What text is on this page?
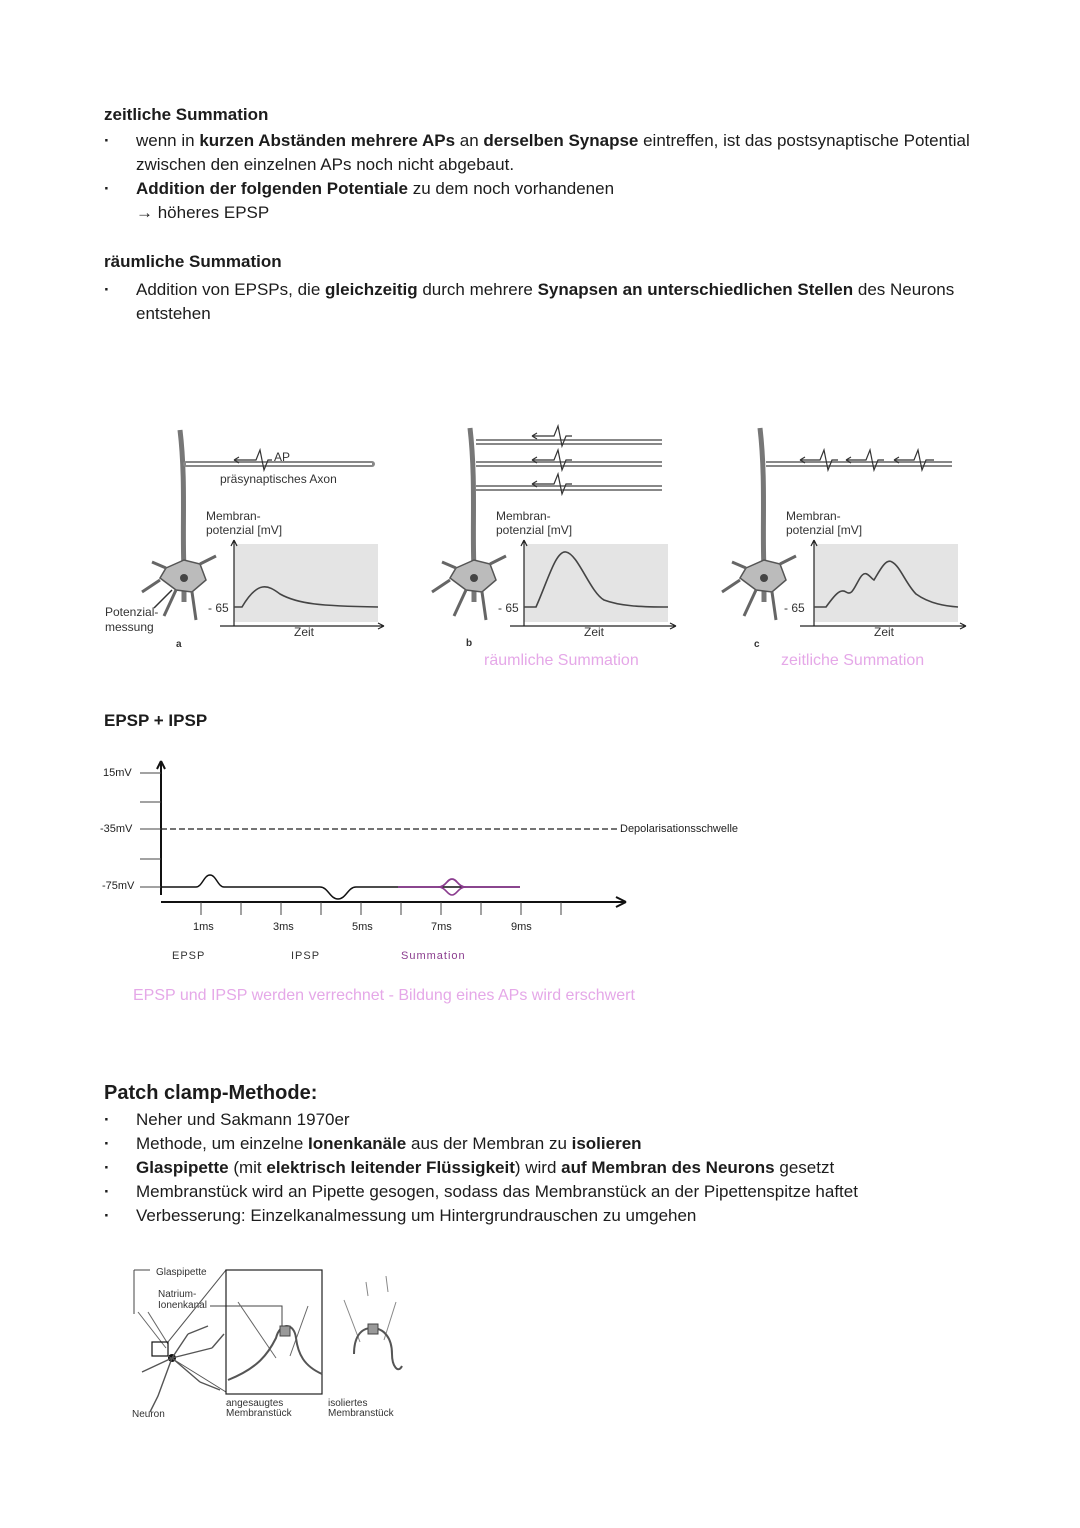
zeitliche Summation
· wenn in kurzen Abständen mehrere APs an derselben Synapse eintreffen, ist das postsynaptische Potential zwischen den einzelnen APs noch nicht abgebaut.
· Addition der folgenden Potentiale zu dem noch vorhandenen
→ höheres EPSP
räumliche Summation
· Addition von EPSPs, die gleichzeitig durch mehrere Synapsen an unterschiedlichen Stellen des Neurons entstehen
AP
präsynaptisches Axon
Membran-
potenzial [mV]
- 65
Zeit
Potenzial-
messung
a
Membran-
potenzial [mV]
- 65
Zeit
b
räumliche Summation
Membran-
potenzial [mV]
- 65
Zeit
c
zeitliche Summation
EPSP + IPSP
15mV
-35mV
-75mV
Depolarisationsschwelle
1ms	3ms	5ms	7ms	9ms
EPSP	IPSP	Summation
EPSP und IPSP werden verrechnet - Bildung eines APs wird erschwert
Patch clamp-Methode:
· Neher und Sakmann 1970er
· Methode, um einzelne Ionenkanäle aus der Membran zu isolieren
· Glaspipette (mit elektrisch leitender Flüssigkeit) wird auf Membran des Neurons gesetzt
· Membranstück wird an Pipette gesogen, sodass das Membranstück an der Pipettenspitze haftet
· Verbesserung: Einzelkanalmessung um Hintergrundrauschen zu umgehen
Glaspipette
Natrium-
Ionenkanal
Neuron
angesaugtes
Membranstück
isoliertes
Membranstück
